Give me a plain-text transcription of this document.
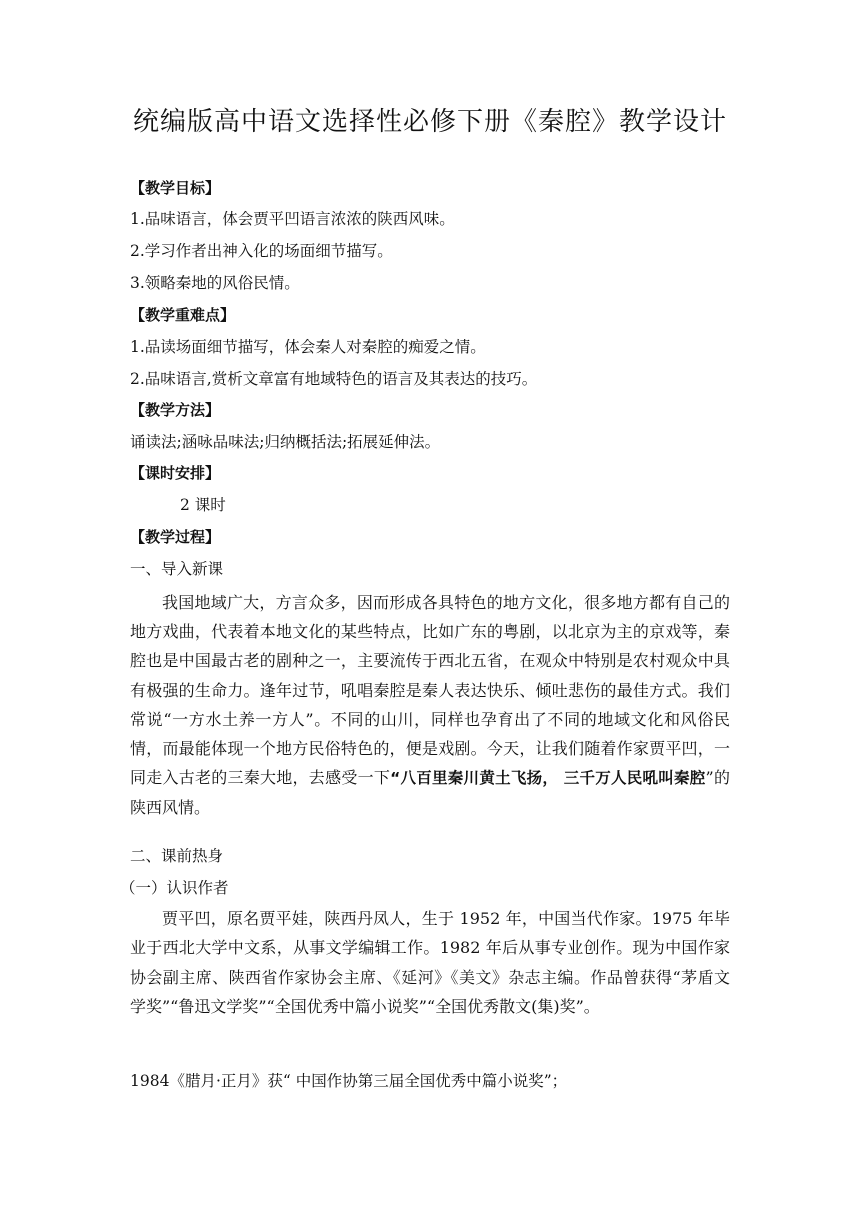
统编版高中语文选择性必修下册《秦腔》教学设计
【教学目标】
1.品味语言，体会贾平凹语言浓浓的陕西风味。
2.学习作者出神入化的场面细节描写。
3.领略秦地的风俗民情。
【教学重难点】
1.品读场面细节描写，体会秦人对秦腔的痴爱之情。
2.品味语言,赏析文章富有地域特色的语言及其表达的技巧。
【教学方法】
诵读法;涵咏品味法;归纳概括法;拓展延伸法。
【课时安排】
2 课时
【教学过程】
一、导入新课

我国地域广大，方言众多，因而形成各具特色的地方文化，很多地方都有自己的地方戏曲，代表着本地文化的某些特点，比如广东的粤剧，以北京为主的京戏等，秦腔也是中国最古老的剧种之一，主要流传于西北五省，在观众中特别是农村观众中具有极强的生命力。逢年过节，吼唱秦腔是秦人表达快乐、倾吐悲伤的最佳方式。我们常说“一方水土养一方人”。不同的山川，同样也孕育出了不同的地域文化和风俗民情，而最能体现一个地方民俗特色的，便是戏剧。今天，让我们随着作家贾平凹，一同走入古老的三秦大地，去感受一下“八百里秦川黄土飞扬， 三千万人民吼叫秦腔”的陕西风情。

二、课前热身
（一）认识作者

贾平凹，原名贾平娃，陕西丹凤人，生于 1952 年，中国当代作家。1975 年毕业于西北大学中文系，从事文学编辑工作。1982 年后从事专业创作。现为中国作家协会副主席、陕西省作家协会主席、《延河》《美文》杂志主编。作品曾获得“茅盾文学奖”“鲁迅文学奖”“全国优秀中篇小说奖”“全国优秀散文(集)奖”。

1984《腊月·正月》获“ 中国作协第三届全国优秀中篇小说奖”；
